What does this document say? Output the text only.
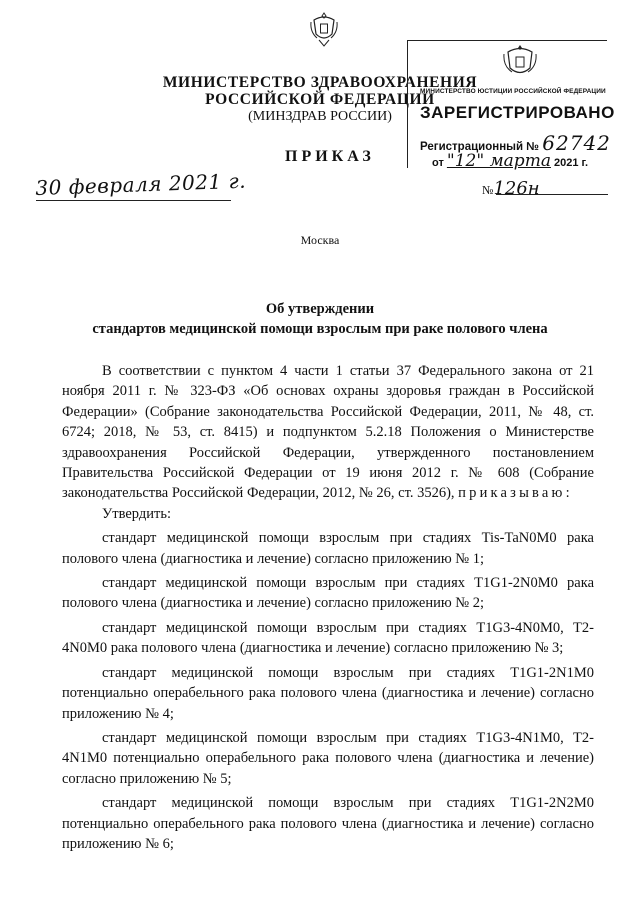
МИНИСТЕРСТВО ЗДРАВООХРАНЕНИЯ
РОССИЙСКОЙ ФЕДЕРАЦИИ
(МИНЗДРАВ РОССИИ)
МИНИСТЕРСТВО ЮСТИЦИИ РОССИЙСКОЙ ФЕДЕРАЦИИ
ЗАРЕГИСТРИРОВАНО
Регистрационный № 62742
от "12" марта 2021 г.
ПРИКАЗ
30 февраля 2021 г.	№126н
Москва
Об утверждении
стандартов медицинской помощи взрослым при раке полового члена

В соответствии с пунктом 4 части 1 статьи 37 Федерального закона от 21 ноября 2011 г. № 323-ФЗ «Об основах охраны здоровья граждан в Российской Федерации» (Собрание законодательства Российской Федерации, 2011, № 48, ст. 6724; 2018, № 53, ст. 8415) и подпунктом 5.2.18 Положения о Министерстве здравоохранения Российской Федерации, утвержденного постановлением Правительства Российской Федерации от 19 июня 2012 г. № 608 (Собрание законодательства Российской Федерации, 2012, № 26, ст. 3526), приказываю:

Утвердить:

стандарт медицинской помощи взрослым при стадиях Tis-TaN0M0 рака полового члена (диагностика и лечение) согласно приложению № 1;

стандарт медицинской помощи взрослым при стадиях T1G1-2N0M0 рака полового члена (диагностика и лечение) согласно приложению № 2;

стандарт медицинской помощи взрослым при стадиях T1G3-4N0M0, T2-4N0M0 рака полового члена (диагностика и лечение) согласно приложению № 3;

стандарт медицинской помощи взрослым при стадиях T1G1-2N1M0 потенциально операбельного рака полового члена (диагностика и лечение) согласно приложению № 4;

стандарт медицинской помощи взрослым при стадиях T1G3-4N1M0, T2-4N1M0 потенциально операбельного рака полового члена (диагностика и лечение) согласно приложению № 5;

стандарт медицинской помощи взрослым при стадиях T1G1-2N2M0 потенциально операбельного рака полового члена (диагностика и лечение) согласно приложению № 6;
